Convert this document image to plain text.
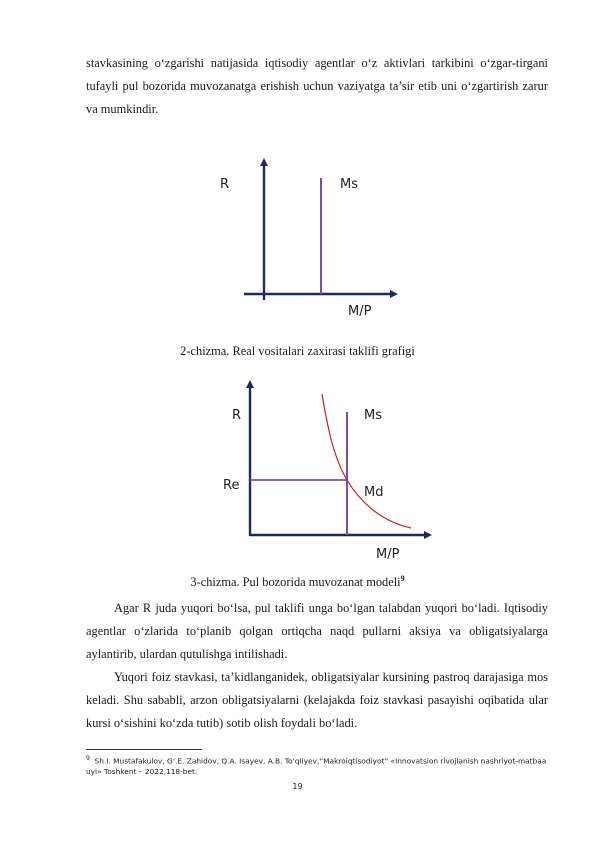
stavkasining o‘zgarishi natijasida iqtisodiy agentlar o‘z aktivlari tarkibini o‘zgar-tirgani tufayli pul bozorida muvozanatga erishish uchun vaziyatga ta’sir etib uni o‘zgartirish zarur va mumkindir.

R	Ms
M/P

2-chizma. Real vositalari zaxirasi taklifi grafigi

R	Ms
Re	Md
M/P

3-chizma. Pul bozorida muvozanat modeli$^9$

Agar R juda yuqori bo‘lsa, pul taklifi unga bo‘lgan talabdan yuqori bo‘ladi. Iqtisodiy agentlar o‘zlarida to‘planib qolgan ortiqcha naqd pullarni aksiya va obligatsiyalarga aylantirib, ulardan qutulishga intilishadi.

Yuqori foiz stavkasi, ta’kidlanganidek, obligatsiyalar kursining pastroq darajasiga mos keladi. Shu sababli, arzon obligatsiyalarni (kelajakda foiz stavkasi pasayishi oqibatida ular kursi o‘sishini ko‘zda tutib) sotib olish foydali bo‘ladi.

$^9$ Sh.I. Mustafakulov, G‘.E. Zahidov, Q.A. Isayev, A.B. To‘qliyev,”Makroiqtisodiyot” «Innovatsion rivojlanish nashriyot-matbaa uyi» Toshkent – 2022,118-bet.

19
